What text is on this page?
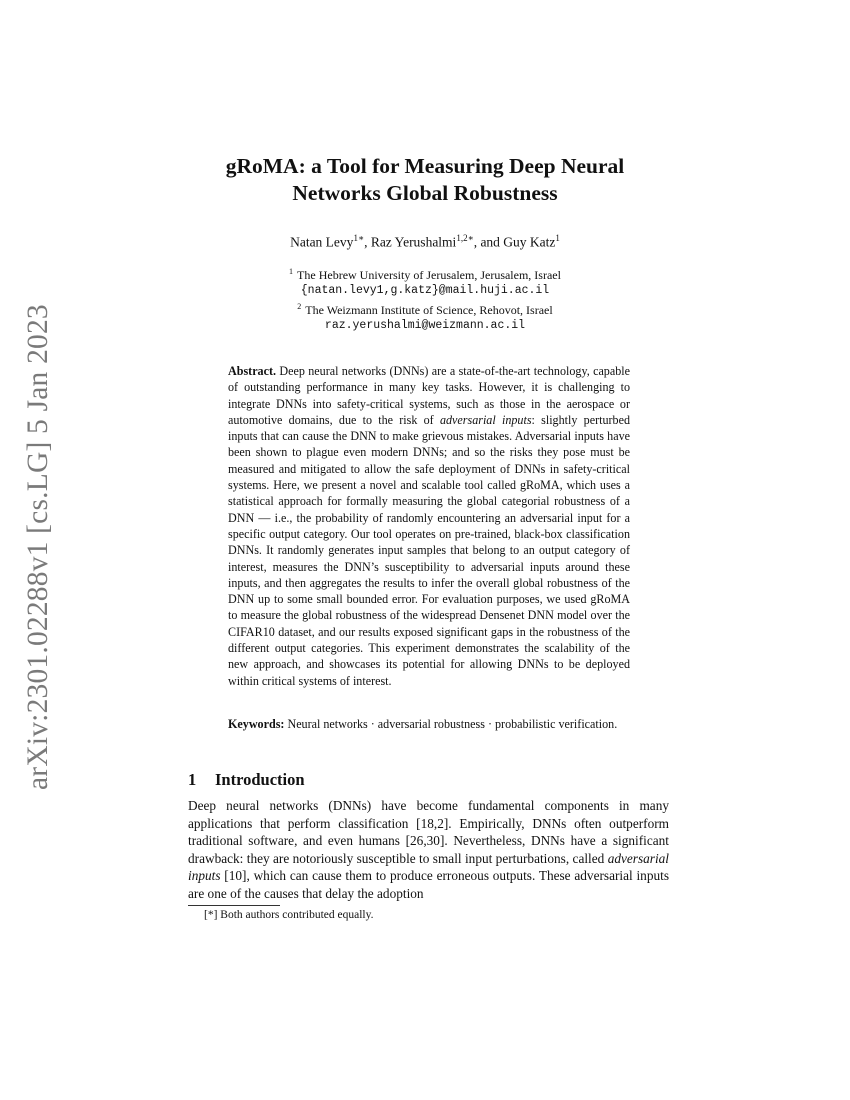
arXiv:2301.02288v1 [cs.LG] 5 Jan 2023
gRoMA: a Tool for Measuring Deep Neural
Networks Global Robustness
Natan Levy$^{1∗}$, Raz Yerushalmi$^{1,2∗}$, and Guy Katz$^1$
$^1$ The Hebrew University of Jerusalem, Jerusalem, Israel
{natan.levy1,g.katz}@mail.huji.ac.il
$^2$ The Weizmann Institute of Science, Rehovot, Israel
raz.yerushalmi@weizmann.ac.il
Abstract. Deep neural networks (DNNs) are a state-of-the-art technology, capable of outstanding performance in many key tasks. However, it is challenging to integrate DNNs into safety-critical systems, such as those in the aerospace or automotive domains, due to the risk of adversarial inputs: slightly perturbed inputs that can cause the DNN to make grievous mistakes. Adversarial inputs have been shown to plague even modern DNNs; and so the risks they pose must be measured and mitigated to allow the safe deployment of DNNs in safety-critical systems. Here, we present a novel and scalable tool called gRoMA, which uses a statistical approach for formally measuring the global categorial robustness of a DNN — i.e., the probability of randomly encountering an adversarial input for a specific output category. Our tool operates on pre-trained, black-box classification DNNs. It randomly generates input samples that belong to an output category of interest, measures the DNN’s susceptibility to adversarial inputs around these inputs, and then aggregates the results to infer the overall global robustness of the DNN up to some small bounded error. For evaluation purposes, we used gRoMA to measure the global robustness of the widespread Densenet DNN model over the CIFAR10 dataset, and our results exposed significant gaps in the robustness of the different output categories. This experiment demonstrates the scalability of the new approach, and showcases its potential for allowing DNNs to be deployed within critical systems of interest.
Keywords: Neural networks · adversarial robustness · probabilistic verification.
1 Introduction
Deep neural networks (DNNs) have become fundamental components in many applications that perform classification [18,2]. Empirically, DNNs often outperform traditional software, and even humans [26,30]. Nevertheless, DNNs have a significant drawback: they are notoriously susceptible to small input perturbations, called adversarial inputs [10], which can cause them to produce erroneous outputs. These adversarial inputs are one of the causes that delay the adoption
[*] Both authors contributed equally.
